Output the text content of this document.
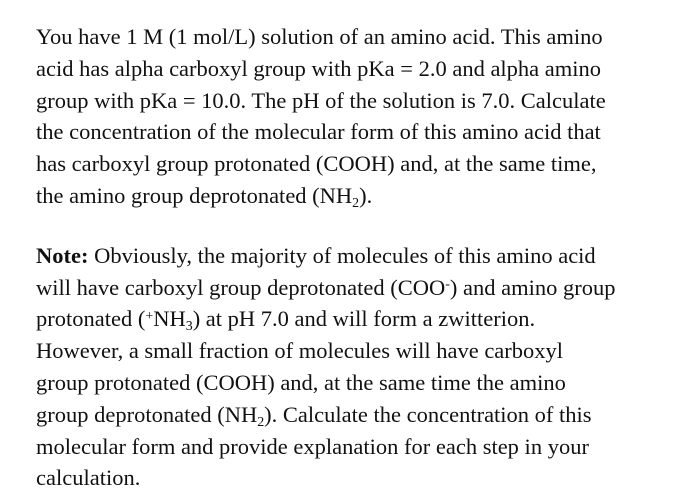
You have 1 M (1 mol/L) solution of an amino acid. This amino
acid has alpha carboxyl group with pKa = 2.0 and alpha amino
group with pKa = 10.0. The pH of the solution is 7.0. Calculate
the concentration of the molecular form of this amino acid that
has carboxyl group protonated (COOH) and, at the same time,
the amino group deprotonated $(NH_2)$.
Note: Obviously, the majority of molecules of this amino acid
will have carboxyl group deprotonated (COO-) and amino group
protonated $(^+NH_3)$ at pH 7.0 and will form a zwitterion.
However, a small fraction of molecules will have carboxyl
group protonated (COOH) and, at the same time the amino
group deprotonated $(NH_2)$. Calculate the concentration of this
molecular form and provide explanation for each step in your
calculation.
